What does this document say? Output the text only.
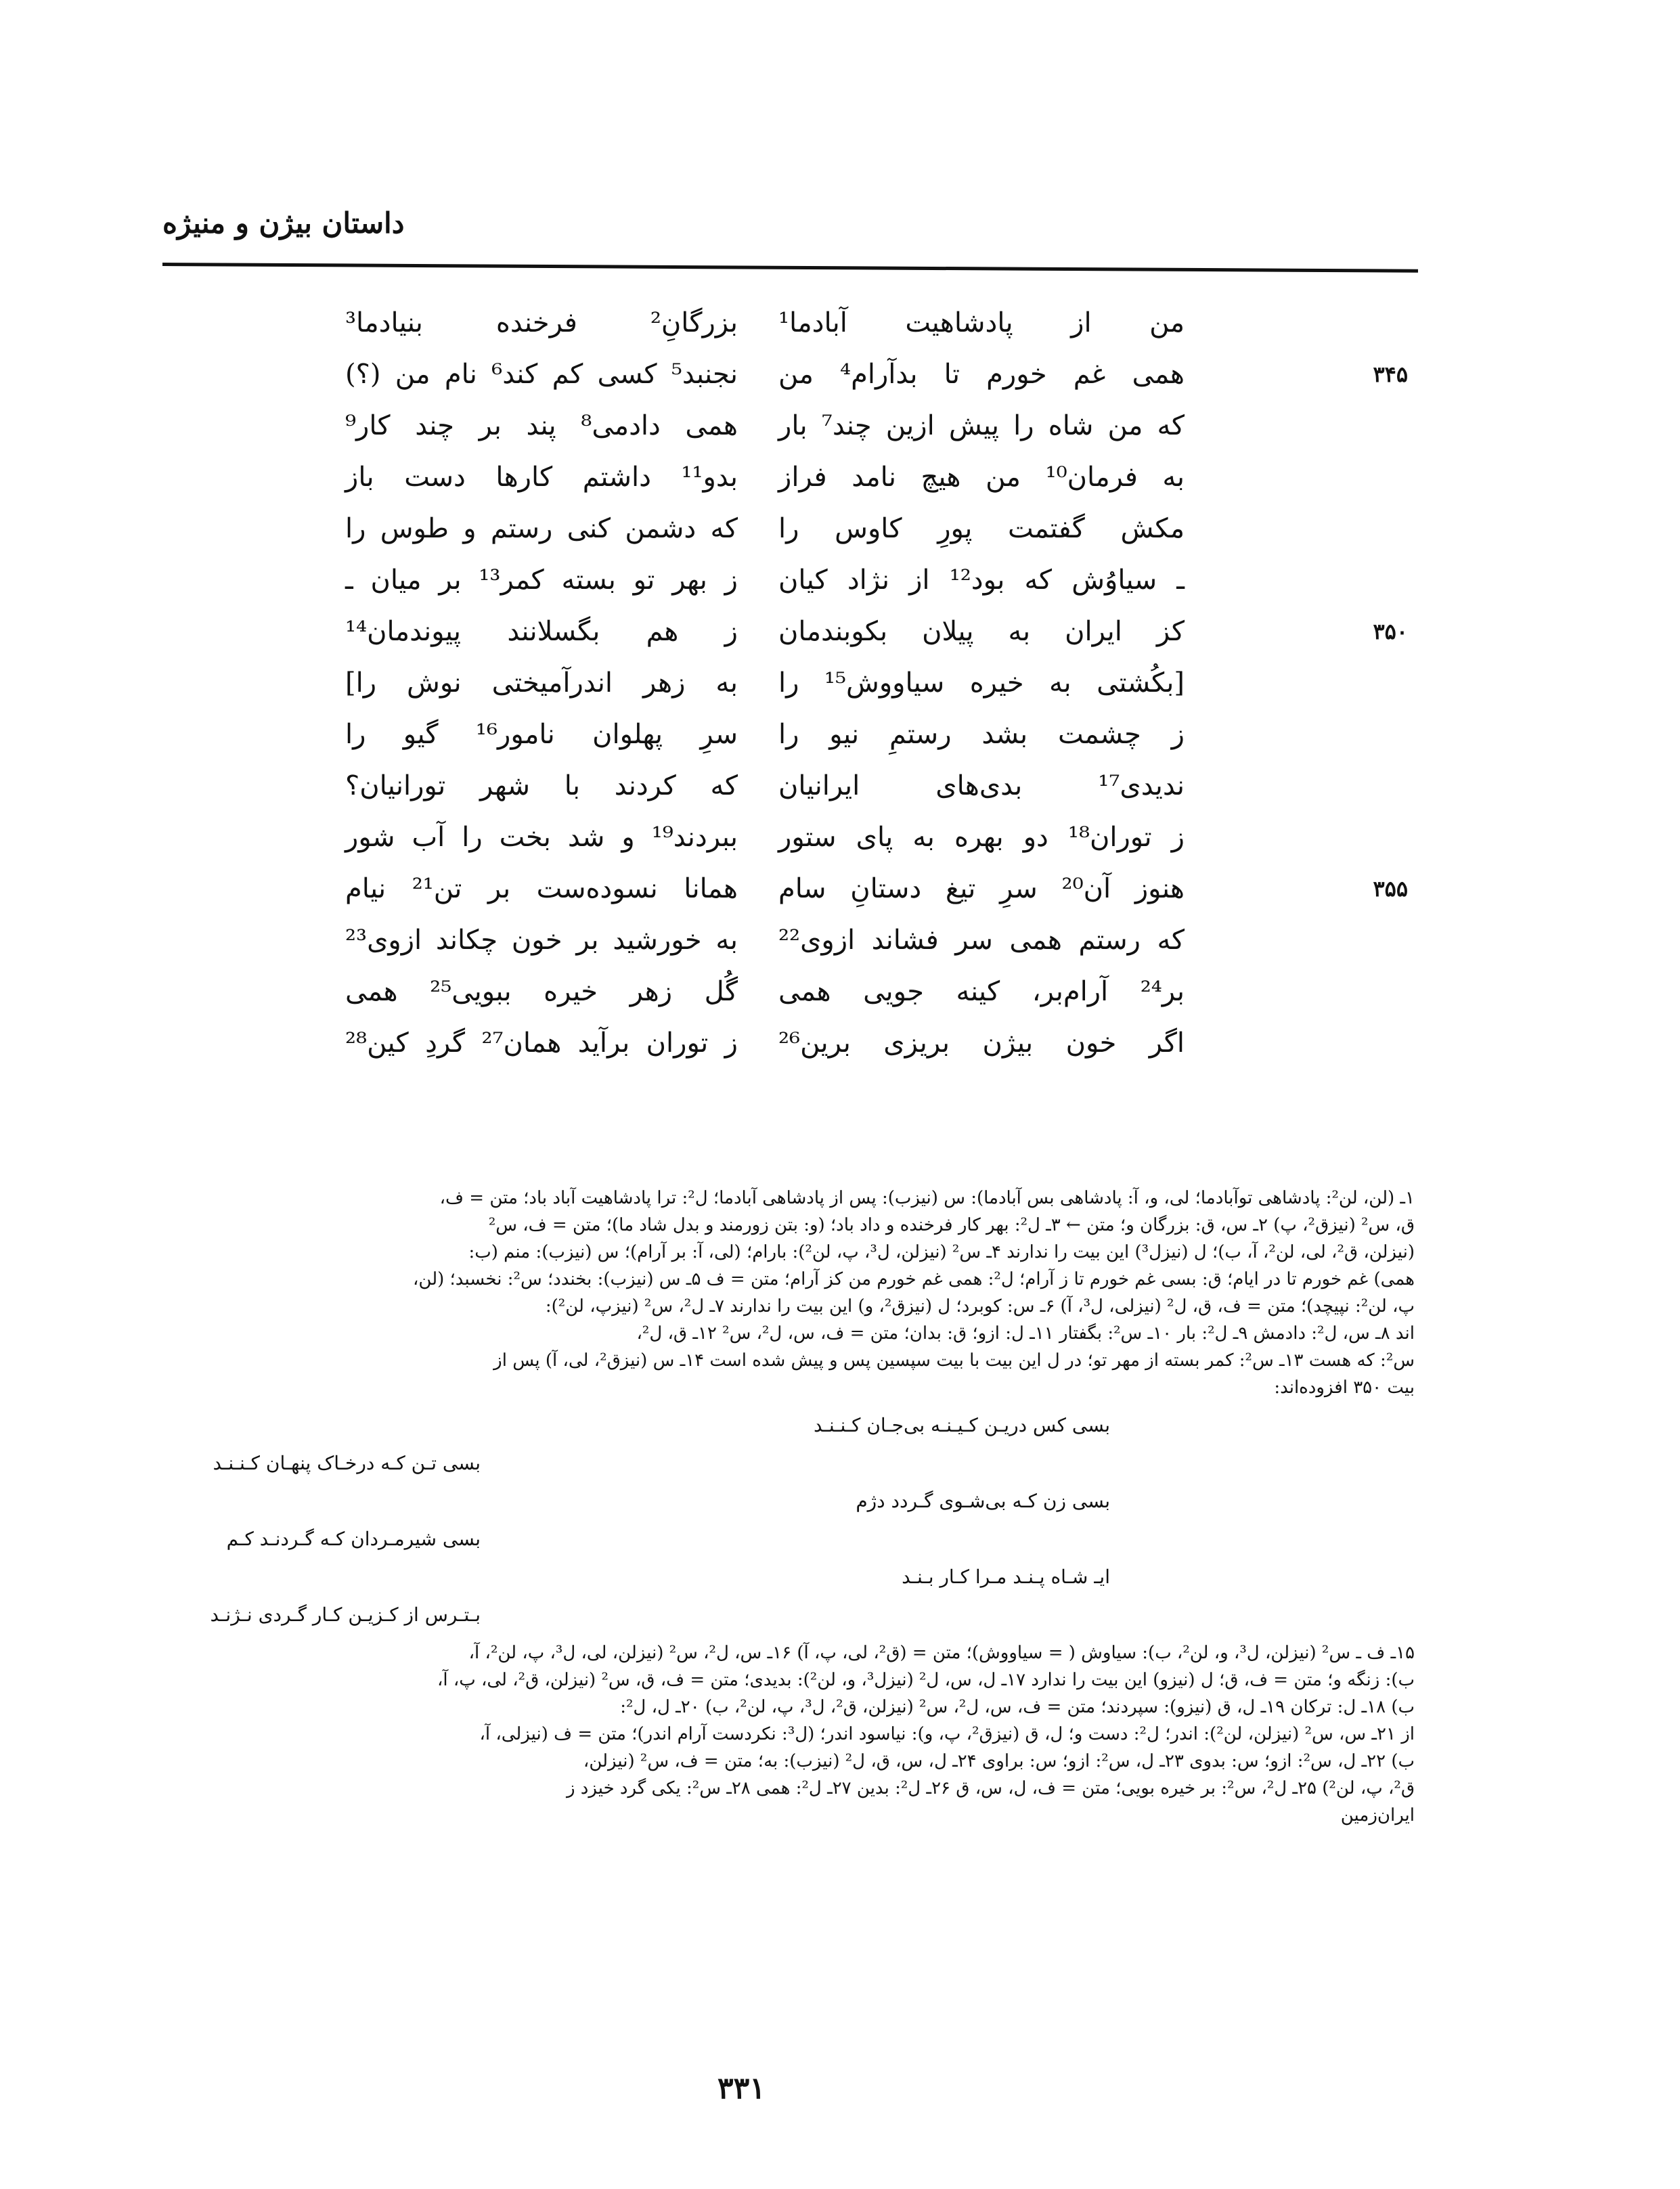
داستان بیژن و منیژه
من از پادشاهیت آبادما¹
بزرگانِ² فرخنده بنیادما³
۳۴۵
همی غم خورم تا بدآرام⁴ من
نجنبد⁵ کسی کم کند⁶ نام من (؟)
که من شاه را پیش ازین چند⁷ بار
همی دادمی⁸ پند بر چند کار⁹
به فرمان¹⁰ من هیچ نامد فراز
بدو¹¹ داشتم کارها دست باز
مکش گفتمت پورِ کاوس را
که دشمن کنی رستم و طوس را
ـ سیاوُش که بود¹² از نژاد کیان
ز بهر تو بسته کمر¹³ بر میان ـ
۳۵۰
کز ایران به پیلان بکوبندمان
ز هم بگسلانند پیوندمان¹⁴
[بکُشتی به خیره سیاووش¹⁵ را
به زهر اندرآمیختی نوش را]
ز چشمت بشد رستمِ نیو را
سرِ پهلوان نامور¹⁶ گیو را
ندیدی¹⁷ بدی‌های ایرانیان
که کردند با شهر تورانیان؟
ز توران¹⁸ دو بهره به پای ستور
ببردند¹⁹ و شد بخت را آب شور
۳۵۵
هنوز آن²⁰ سرِ تیغ دستانِ سام
همانا نسوده‌ست بر تن²¹ نیام
که رستم همی سر فشاند ازوی²²
به خورشید بر خون چکاند ازوی²³
بر²⁴ آرام‌بر، کینه جویی همی
گُل زهر خیره ببویی²⁵ همی
اگر خون بیژن بریزی برین²⁶
ز توران برآید همان²⁷ گردِ کین²⁸
۱ـ (لن، لن²: پادشاهی توآبادما؛ لی، و، آ: پادشاهی بس آبادما): س (نیزب): پس از پادشاهی آبادما؛ ل²: ترا پادشاهیت آباد باد؛ متن = ف،
ق، س² (نیزق²، پ) ۲ـ س، ق: بزرگان و؛ متن ← ۳ـ ل²: بهر کار فرخنده و داد باد؛ (و: بتن زورمند و بدل شاد ما)؛ متن = ف، س²
(نیزلن، ق²، لی، لن²، آ، ب)؛ ل (نیزل³) این بیت را ندارند ۴ـ س² (نیزلن، ل³، پ، لن²): بارام؛ (لی، آ: بر آرام)؛ س (نیزب): منم (ب:
همی) غم خورم تا در ایام؛ ق: بسی غم خورم تا ز آرام؛ ل²: همی غم خورم من کز آرام؛ متن = ف ۵ـ س (نیزب): بخندد؛ س²: نخسبد؛ (لن،
پ، لن²: نپیچد)؛ متن = ف، ق، ل² (نیزلی، ل³، آ) ۶ـ س: کوبرد؛ ل (نیزق²، و) این بیت را ندارند ۷ـ ل²، س² (نیزپ، لن²):
اند ۸ـ س، ل²: دادمش ۹ـ ل²: بار ۱۰ـ س²: بگفتار ۱۱ـ ل: ازو؛ ق: بدان؛ متن = ف، س، ل²، س² ۱۲ـ ق، ل²،
س²: که هست ۱۳ـ س²: کمر بسته از مهر تو؛ در ل این بیت با بیت سپسین پس و پیش شده است ۱۴ـ س (نیزق²، لی، آ) پس از
بیت ۳۵۰ افزوده‌اند:
بسی کس دریـن کـیـنـه بی‌جـان کـنـنـد
بسی تـن کـه درخـاک پنهـان کـنـنـد
بسی زن کـه بی‌شـوی گـردد دژم
بسی شیرمـردان کـه گـردنـد کـم
ایـ شـاه پـنـد مـرا کـار بـنـد
بـتـرس از کـزیـن کـار گـردی نـژنـد
۱۵ـ ف ـ س² (نیزلن، ل³، و، لن²، ب): سیاوش ( = سیاووش)؛ متن = (ق²، لی، پ، آ) ۱۶ـ س، ل²، س² (نیزلن، لی، ل³، پ، لن²، آ،
ب): زنگه و؛ متن = ف، ق؛ ل (نیزو) این بیت را ندارد ۱۷ـ ل، س، ل² (نیزل³، و، لن²): بدیدی؛ متن = ف، ق، س² (نیزلن، ق²، لی، پ، آ،
ب) ۱۸ـ ل: ترکان ۱۹ـ ل، ق (نیزو): سپردند؛ متن = ف، س، ل²، س² (نیزلن، ق²، ل³، پ، لن²، ب) ۲۰ـ ل، ل²:
از ۲۱ـ س، س² (نیزلن، لن²): اندر؛ ل²: دست و؛ ل، ق (نیزق²، پ، و): نیاسود اندر؛ (ل³: نکردست آرام اندر)؛ متن = ف (نیزلی، آ،
ب) ۲۲ـ ل، س²: ازو؛ س: بدوی ۲۳ـ ل، س²: ازو؛ س: براوی ۲۴ـ ل، س، ق، ل² (نیزب): به؛ متن = ف، س² (نیزلن،
ق²، پ، لن²) ۲۵ـ ل²، س²: بر خیره بویی؛ متن = ف، ل، س، ق ۲۶ـ ل²: بدین ۲۷ـ ل²: همی ۲۸ـ س²: یکی گرد خیزد ز
ایران‌زمین
۳۳۱
